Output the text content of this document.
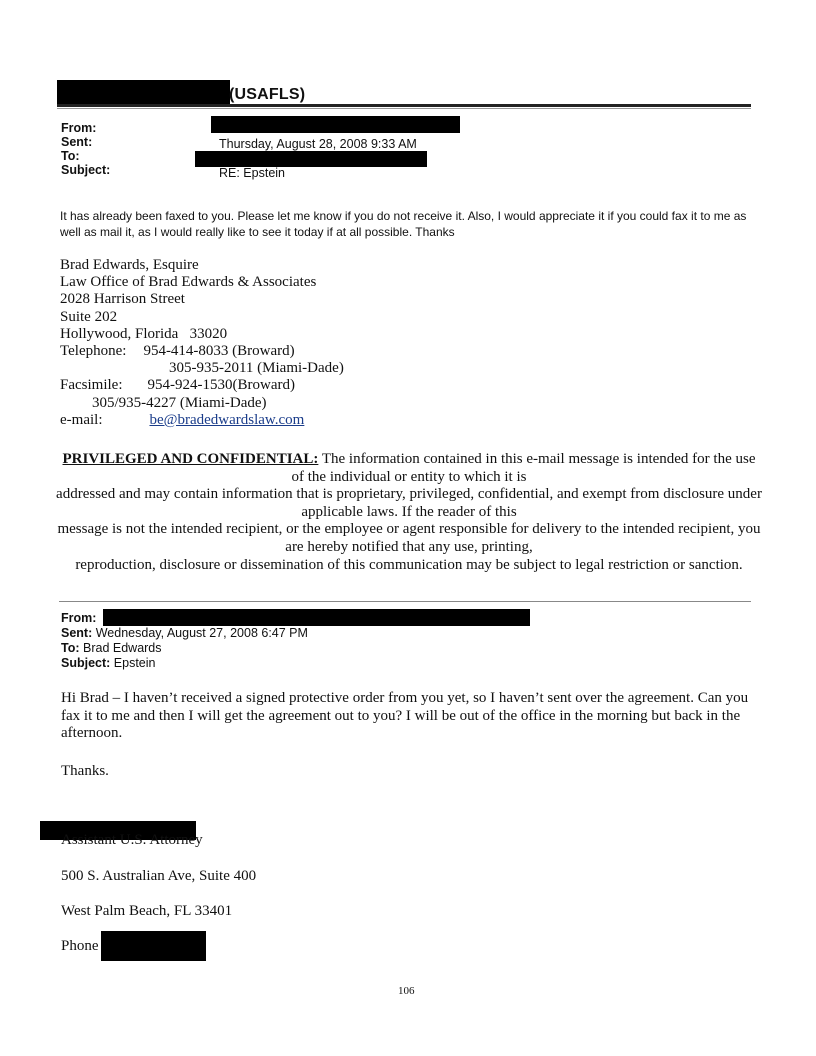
(USAFLS)
From:
Sent:
To:
Subject:
Thursday, August 28, 2008 9:33 AM
RE: Epstein
It has already been faxed to you. Please let me know if you do not receive it. Also, I would appreciate it if you could fax it to me as well as mail it, as I would really like to see it today if at all possible. Thanks
Brad Edwards, Esquire
Law Office of Brad Edwards & Associates
2028 Harrison Street
Suite 202
Hollywood, Florida   33020
Telephone: 954-414-8033 (Broward)
305-935-2011 (Miami-Dade)
Facsimile: 954-924-1530(Broward)
305/935-4227 (Miami-Dade)
e-mail:	be@bradedwardslaw.com
PRIVILEGED AND CONFIDENTIAL: The information contained in this e-mail message is intended for the use of the individual or entity to which it is
addressed and may contain information that is proprietary, privileged, confidential, and exempt from disclosure under applicable laws. If the reader of this
message is not the intended recipient, or the employee or agent responsible for delivery to the intended recipient, you are hereby notified that any use, printing,
reproduction, disclosure or dissemination of this communication may be subject to legal restriction or sanction.
From:
Sent: Wednesday, August 27, 2008 6:47 PM
To: Brad Edwards
Subject: Epstein
Hi Brad – I haven’t received a signed protective order from you yet, so I haven’t sent over the agreement. Can you fax it to me and then I will get the agreement out to you? I will be out of the office in the morning but back in the afternoon.
Thanks.
Assistant U.S. Attorney
500 S. Australian Ave, Suite 400
West Palm Beach, FL 33401
Phone
106
